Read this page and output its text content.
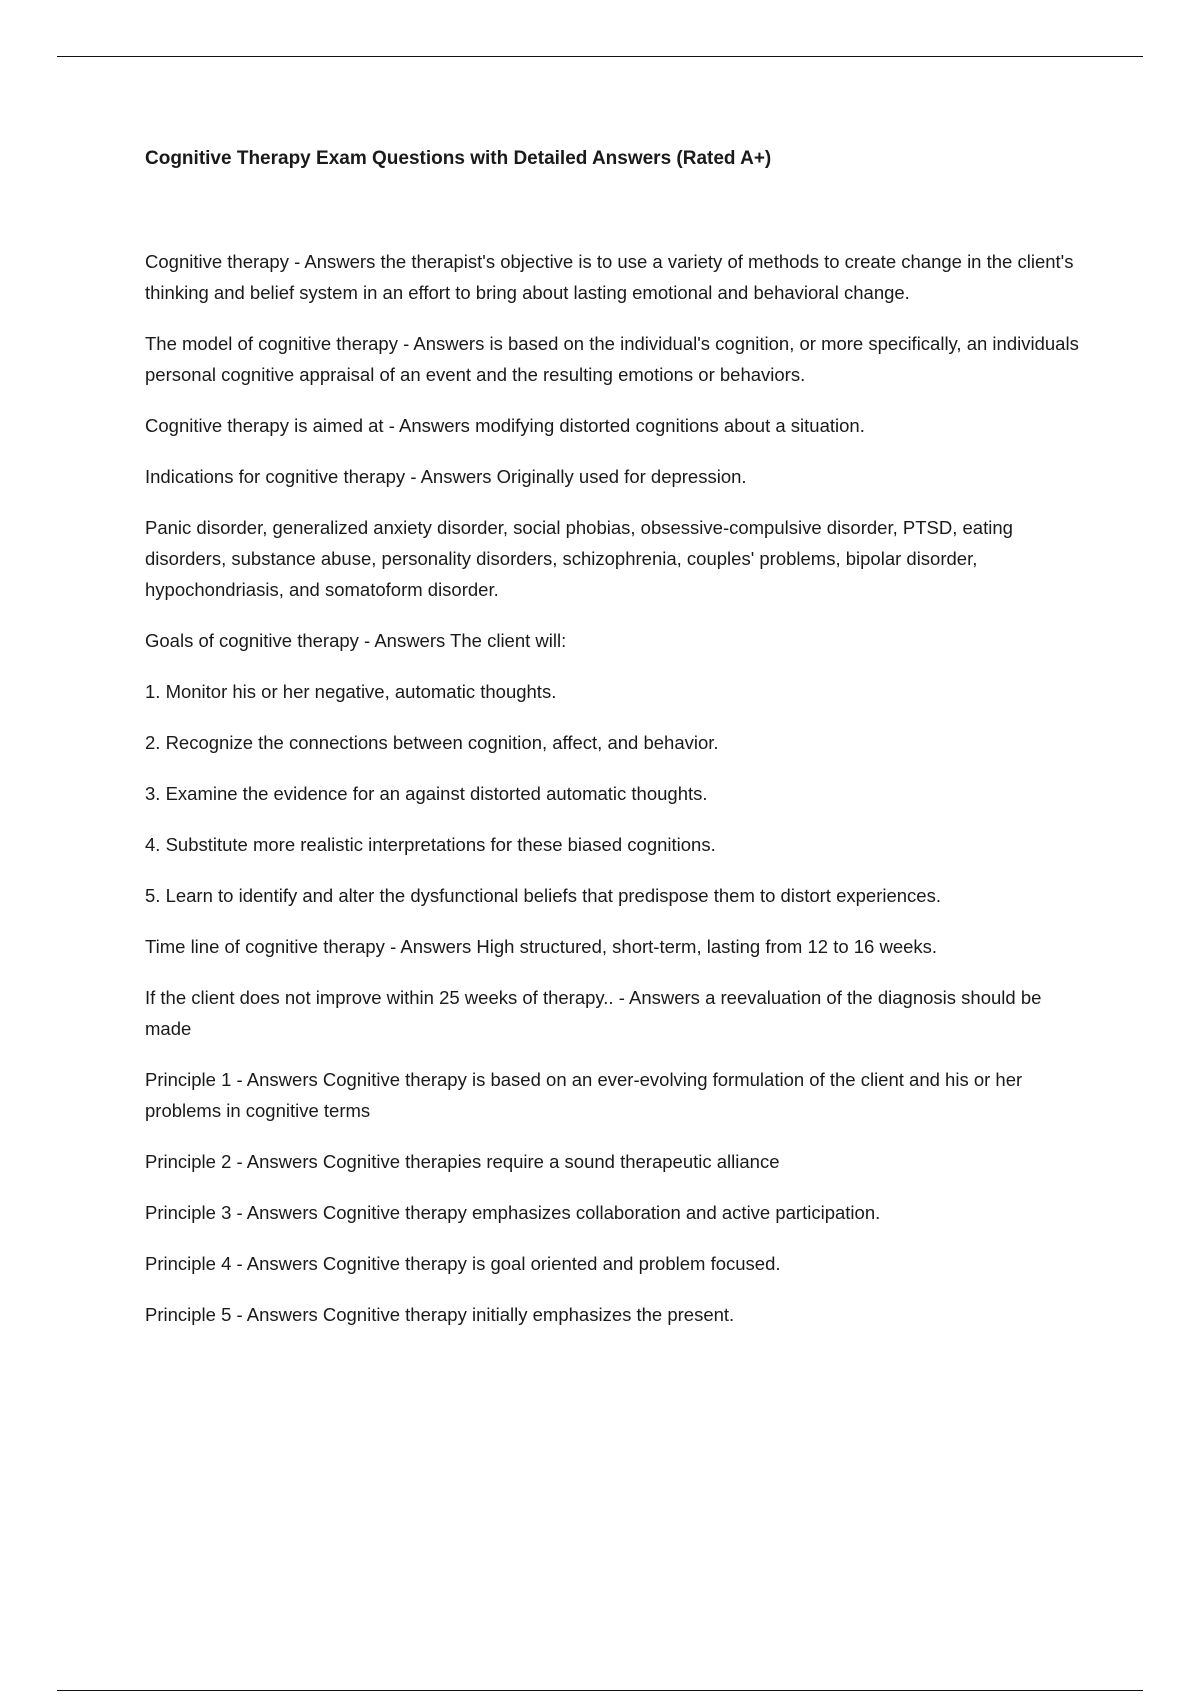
Cognitive Therapy Exam Questions with Detailed Answers (Rated A+)

Cognitive therapy - Answers the therapist's objective is to use a variety of methods to create change in the client's thinking and belief system in an effort to bring about lasting emotional and behavioral change.

The model of cognitive therapy - Answers is based on the individual's cognition, or more specifically, an individuals personal cognitive appraisal of an event and the resulting emotions or behaviors.

Cognitive therapy is aimed at - Answers modifying distorted cognitions about a situation.

Indications for cognitive therapy - Answers Originally used for depression.

Panic disorder, generalized anxiety disorder, social phobias, obsessive-compulsive disorder, PTSD, eating disorders, substance abuse, personality disorders, schizophrenia, couples' problems, bipolar disorder, hypochondriasis, and somatoform disorder.

Goals of cognitive therapy - Answers The client will:

1. Monitor his or her negative, automatic thoughts.

2. Recognize the connections between cognition, affect, and behavior.

3. Examine the evidence for an against distorted automatic thoughts.

4. Substitute more realistic interpretations for these biased cognitions.

5. Learn to identify and alter the dysfunctional beliefs that predispose them to distort experiences.

Time line of cognitive therapy - Answers High structured, short-term, lasting from 12 to 16 weeks.

If the client does not improve within 25 weeks of therapy.. - Answers a reevaluation of the diagnosis should be made

Principle 1 - Answers Cognitive therapy is based on an ever-evolving formulation of the client and his or her problems in cognitive terms

Principle 2 - Answers Cognitive therapies require a sound therapeutic alliance

Principle 3 - Answers Cognitive therapy emphasizes collaboration and active participation.

Principle 4 - Answers Cognitive therapy is goal oriented and problem focused.

Principle 5 - Answers Cognitive therapy initially emphasizes the present.
